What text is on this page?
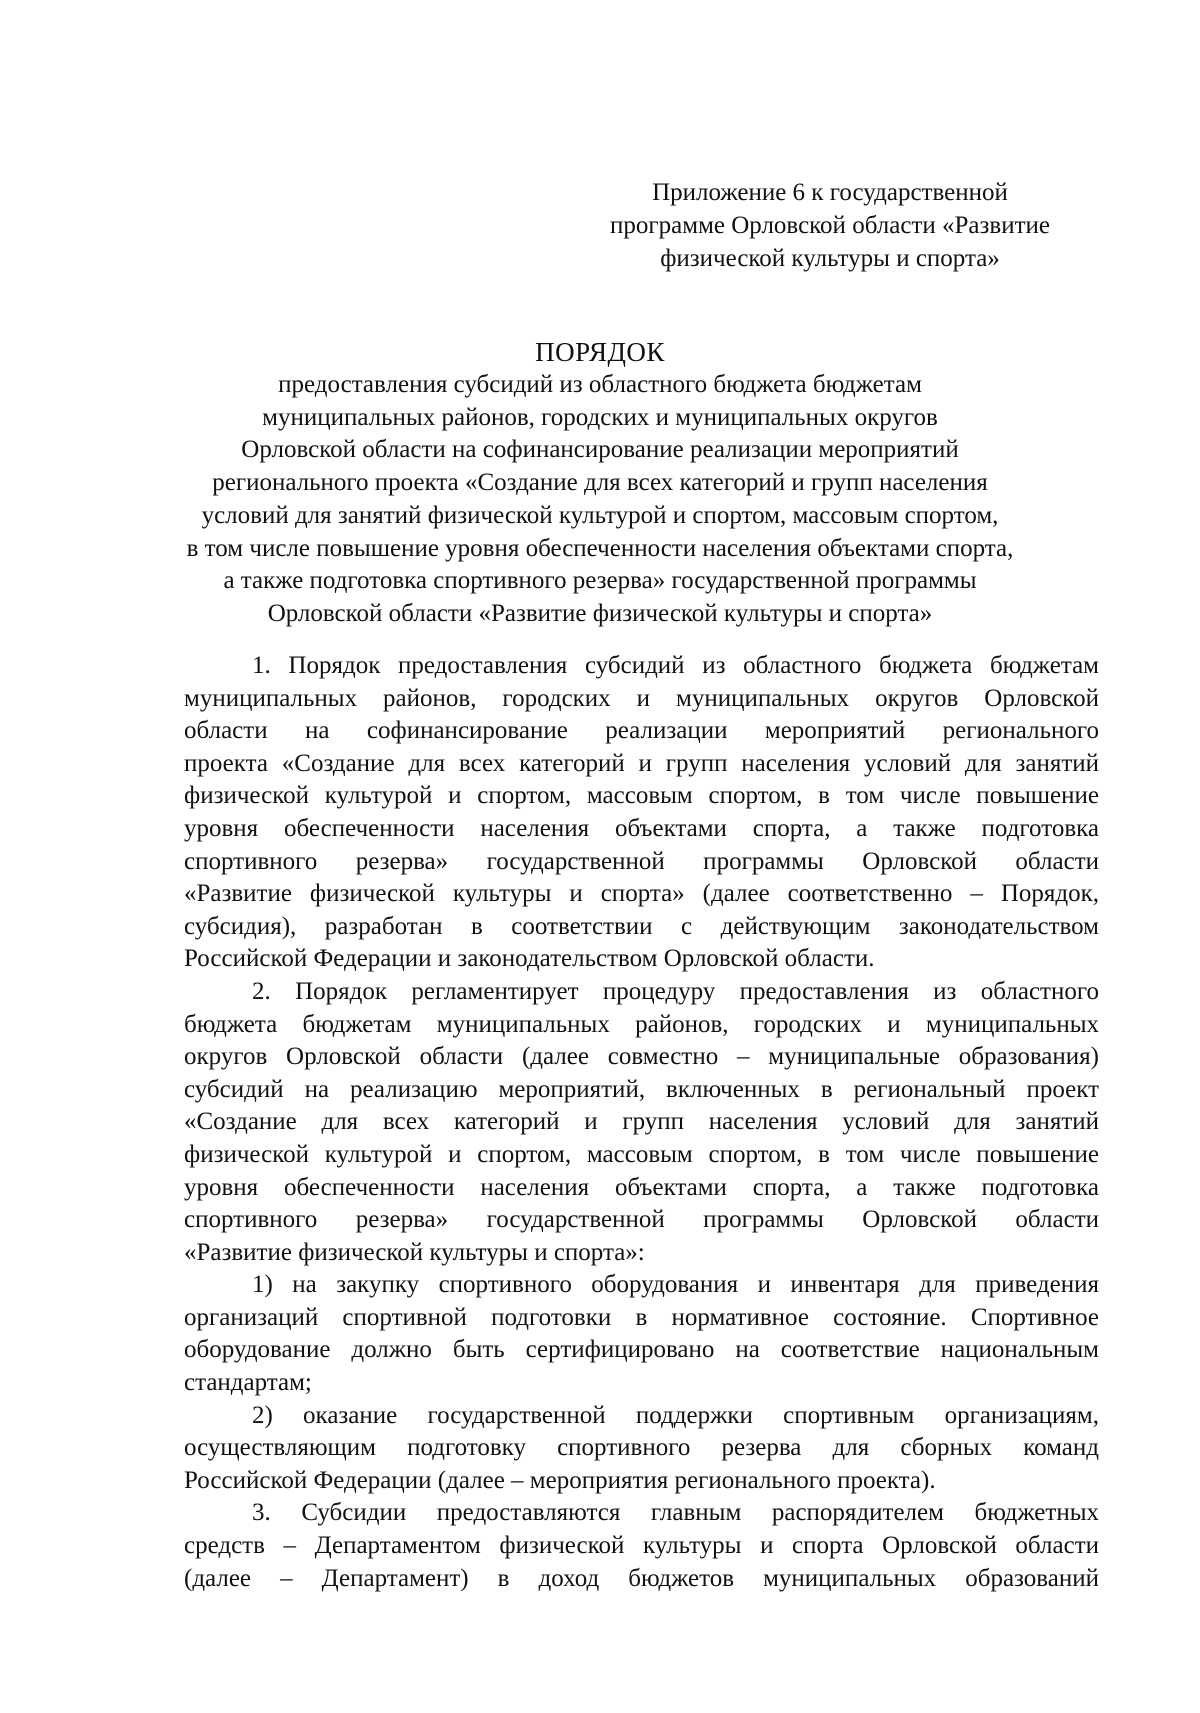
Приложение 6 к государственной
программе Орловской области «Развитие
физической культуры и спорта»
ПОРЯДОК
предоставления субсидий из областного бюджета бюджетам
муниципальных районов, городских и муниципальных округов
Орловской области на софинансирование реализации мероприятий
регионального проекта «Создание для всех категорий и групп населения
условий для занятий физической культурой и спортом, массовым спортом,
в том числе повышение уровня обеспеченности населения объектами спорта,
а также подготовка спортивного резерва» государственной программы
Орловской области «Развитие физической культуры и спорта»
1. Порядок предоставления субсидий из областного бюджета бюджетам
муниципальных районов, городских и муниципальных округов Орловской
области на софинансирование реализации мероприятий регионального
проекта «Создание для всех категорий и групп населения условий для занятий
физической культурой и спортом, массовым спортом, в том числе повышение
уровня обеспеченности населения объектами спорта, а также подготовка
спортивного резерва» государственной программы Орловской области
«Развитие физической культуры и спорта» (далее соответственно – Порядок,
субсидия), разработан в соответствии с действующим законодательством
Российской Федерации и законодательством Орловской области.
2. Порядок регламентирует процедуру предоставления из областного
бюджета бюджетам муниципальных районов, городских и муниципальных
округов Орловской области (далее совместно – муниципальные образования)
субсидий на реализацию мероприятий, включенных в региональный проект
«Создание для всех категорий и групп населения условий для занятий
физической культурой и спортом, массовым спортом, в том числе повышение
уровня обеспеченности населения объектами спорта, а также подготовка
спортивного резерва» государственной программы Орловской области
«Развитие физической культуры и спорта»:
1) на закупку спортивного оборудования и инвентаря для приведения
организаций спортивной подготовки в нормативное состояние. Спортивное
оборудование должно быть сертифицировано на соответствие национальным
стандартам;
2) оказание государственной поддержки спортивным организациям,
осуществляющим подготовку спортивного резерва для сборных команд
Российской Федерации (далее – мероприятия регионального проекта).
3. Субсидии предоставляются главным распорядителем бюджетных
средств – Департаментом физической культуры и спорта Орловской области
(далее – Департамент) в доход бюджетов муниципальных образований
